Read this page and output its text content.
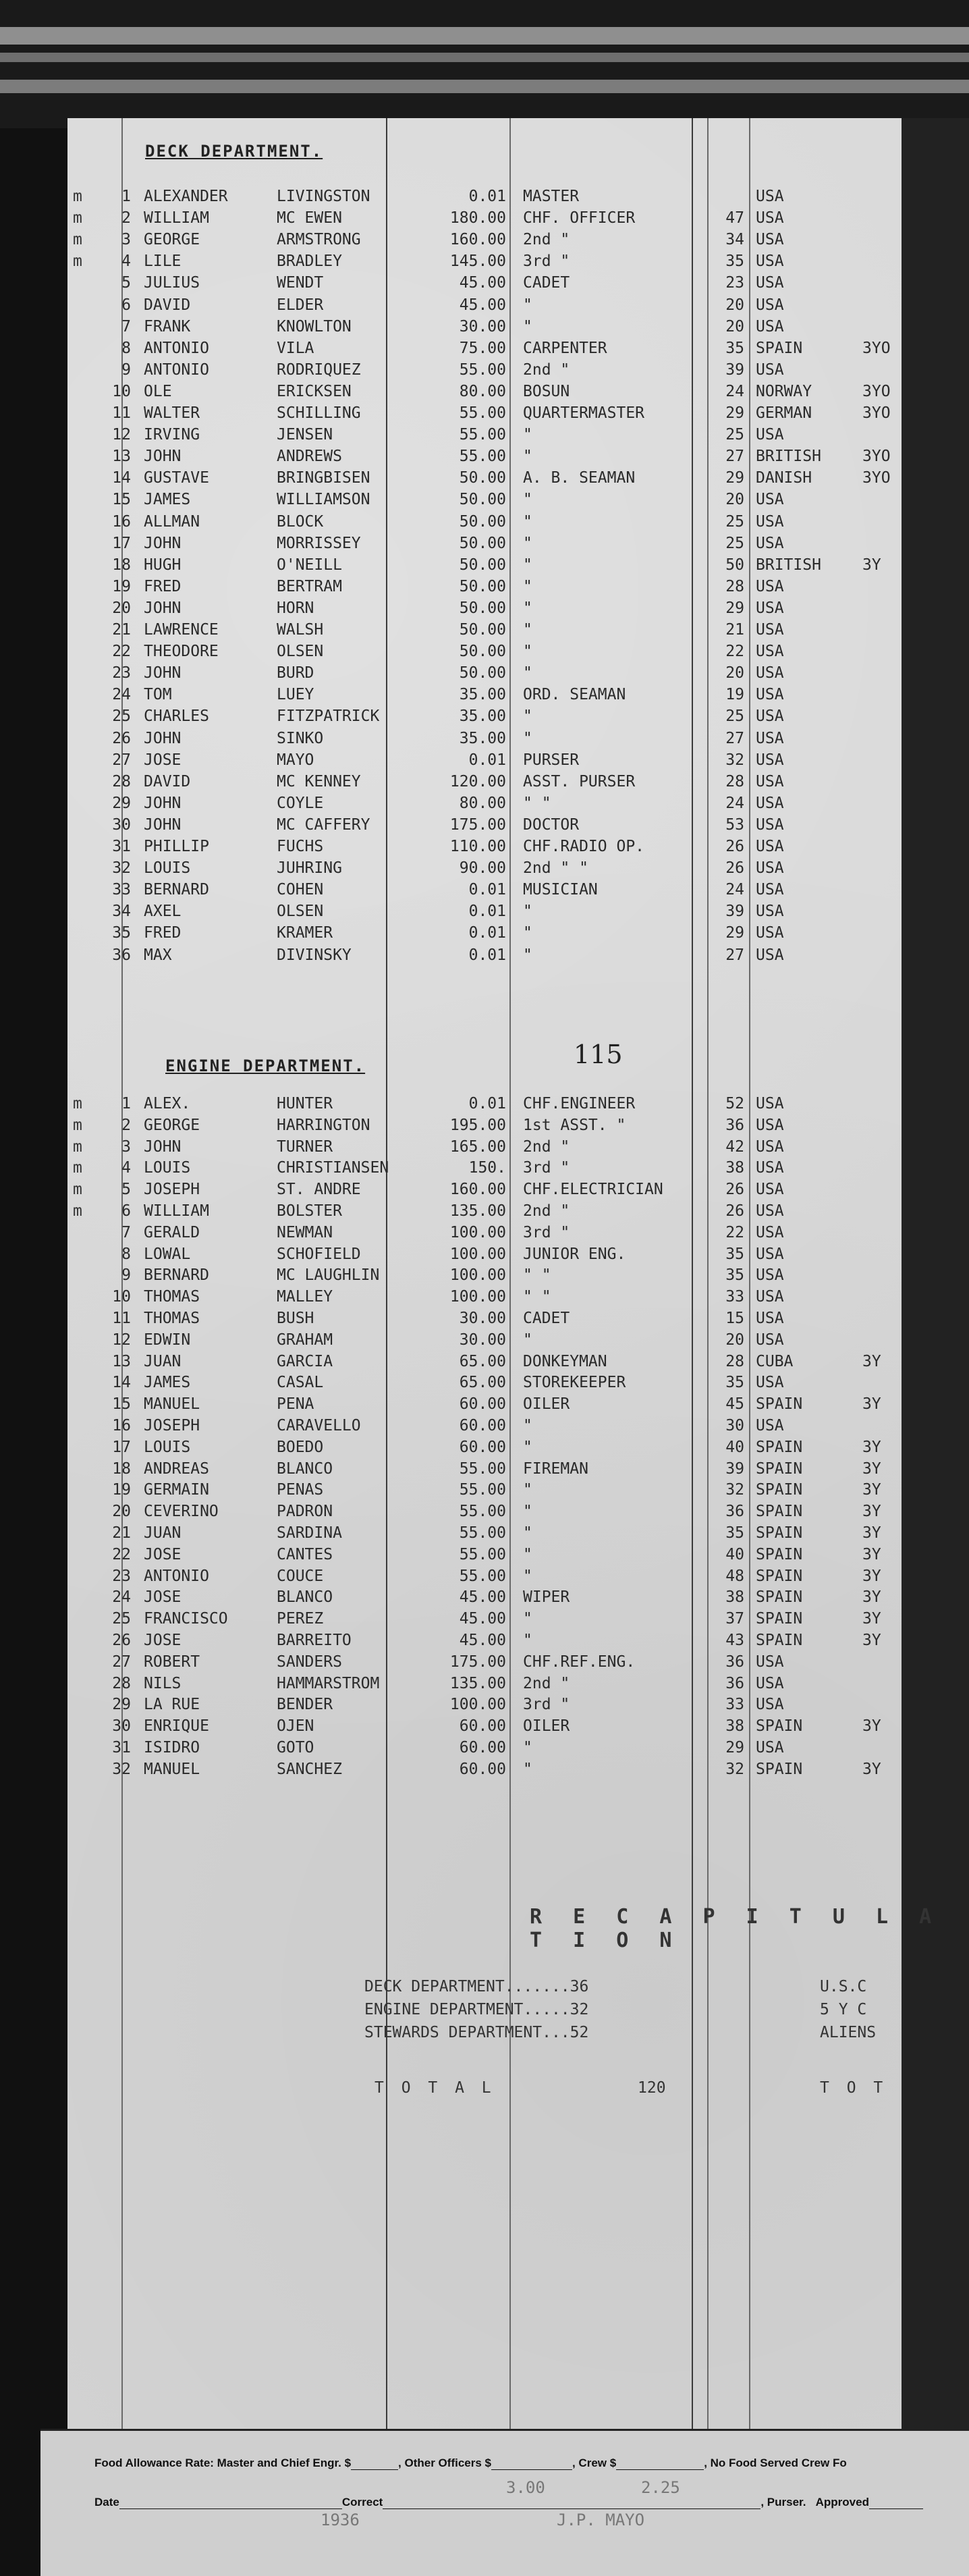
DECK DEPARTMENT.
m	1 ALEXANDER	LIVINGSTON	0.01 MASTER	USA
m	2 WILLIAM	MC EWEN	180.00 CHF. OFFICER	47 USA
m	3 GEORGE	ARMSTRONG	160.00 2nd "	34 USA
m	4 LILE	BRADLEY	145.00 3rd "	35 USA
5 JULIUS	WENDT	45.00 CADET	23 USA
6 DAVID	ELDER	45.00 "	20 USA
7 FRANK	KNOWLTON	30.00 "	20 USA
8 ANTONIO	VILA	75.00 CARPENTER	35 SPAIN	3YO
9 ANTONIO	RODRIQUEZ	55.00 2nd "	39 USA
10 OLE	ERICKSEN	80.00 BOSUN	24 NORWAY	3YO
11 WALTER	SCHILLING	55.00 QUARTERMASTER	29 GERMAN	3YO
12 IRVING	JENSEN	55.00 "	25 USA
13 JOHN	ANDREWS	55.00 "	27 BRITISH	3YO
14 GUSTAVE	BRINGBISEN	50.00 A. B. SEAMAN	29 DANISH	3YO
15 JAMES	WILLIAMSON	50.00 "	20 USA
16 ALLMAN	BLOCK	50.00 "	25 USA
17 JOHN	MORRISSEY	50.00 "	25 USA
18 HUGH	O'NEILL	50.00 "	50 BRITISH	3Y
19 FRED	BERTRAM	50.00 "	28 USA
20 JOHN	HORN	50.00 "	29 USA
21 LAWRENCE	WALSH	50.00 "	21 USA
22 THEODORE	OLSEN	50.00 "	22 USA
23 JOHN	BURD	50.00 "	20 USA
24 TOM	LUEY	35.00 ORD. SEAMAN	19 USA
25 CHARLES	FITZPATRICK	35.00 "	25 USA
26 JOHN	SINKO	35.00 "	27 USA
27 JOSE	MAYO	0.01 PURSER	32 USA
28 DAVID	MC KENNEY	120.00 ASST. PURSER	28 USA
29 JOHN	COYLE	80.00 " "	24 USA
30 JOHN	MC CAFFERY	175.00 DOCTOR	53 USA
31 PHILLIP	FUCHS	110.00 CHF.RADIO OP.	26 USA
32 LOUIS	JUHRING	90.00 2nd " "	26 USA
33 BERNARD	COHEN	0.01 MUSICIAN	24 USA
34 AXEL	OLSEN	0.01 "	39 USA
35 FRED	KRAMER	0.01 "	29 USA
36 MAX	DIVINSKY	0.01 "	27 USA
115
ENGINE DEPARTMENT.
m	1 ALEX.	HUNTER	0.01 CHF.ENGINEER	52 USA
m	2 GEORGE	HARRINGTON	195.00 1st ASST. "	36 USA
m	3 JOHN	TURNER	165.00 2nd "	42 USA
m	4 LOUIS	CHRISTIANSEN	150. 3rd "	38 USA
m	5 JOSEPH	ST. ANDRE	160.00 CHF.ELECTRICIAN	26 USA
m	6 WILLIAM	BOLSTER	135.00 2nd "	26 USA
7 GERALD	NEWMAN	100.00 3rd "	22 USA
8 LOWAL	SCHOFIELD	100.00 JUNIOR ENG.	35 USA
9 BERNARD	MC LAUGHLIN	100.00 " "	35 USA
10 THOMAS	MALLEY	100.00 " "	33 USA
11 THOMAS	BUSH	30.00 CADET	15 USA
12 EDWIN	GRAHAM	30.00 "	20 USA
13 JUAN	GARCIA	65.00 DONKEYMAN	28 CUBA	3Y
14 JAMES	CASAL	65.00 STOREKEEPER	35 USA
15 MANUEL	PENA	60.00 OILER	45 SPAIN	3Y
16 JOSEPH	CARAVELLO	60.00 "	30 USA
17 LOUIS	BOEDO	60.00 "	40 SPAIN	3Y
18 ANDREAS	BLANCO	55.00 FIREMAN	39 SPAIN	3Y
19 GERMAIN	PENAS	55.00 "	32 SPAIN	3Y
20 CEVERINO	PADRON	55.00 "	36 SPAIN	3Y
21 JUAN	SARDINA	55.00 "	35 SPAIN	3Y
22 JOSE	CANTES	55.00 "	40 SPAIN	3Y
23 ANTONIO	COUCE	55.00 "	48 SPAIN	3Y
24 JOSE	BLANCO	45.00 WIPER	38 SPAIN	3Y
25 FRANCISCO	PEREZ	45.00 "	37 SPAIN	3Y
26 JOSE	BARREITO	45.00 "	43 SPAIN	3Y
27 ROBERT	SANDERS	175.00 CHF.REF.ENG.	36 USA
28 NILS	HAMMARSTROM	135.00 2nd "	36 USA
29 LA RUE	BENDER	100.00 3rd "	33 USA
30 ENRIQUE	OJEN	60.00 OILER	38 SPAIN	3Y
31 ISIDRO	GOTO	60.00 "	29 USA
32 MANUEL	SANCHEZ	60.00 "	32 SPAIN	3Y
R E C A P I T U L A T I O N
DECK DEPARTMENT.......36
ENGINE DEPARTMENT.....32
STEWARDS DEPARTMENT...52
T O T A L	120
U.S.C
5 Y C
ALIENS
T O T
Food Allowance Rate: Master and Chief Engr. $	, Other Officers $	, Crew $	, No Food Served Crew Fo
Date	Correct	, Purser. Approved
1936
3.00	2.25
J.P. MAYO
